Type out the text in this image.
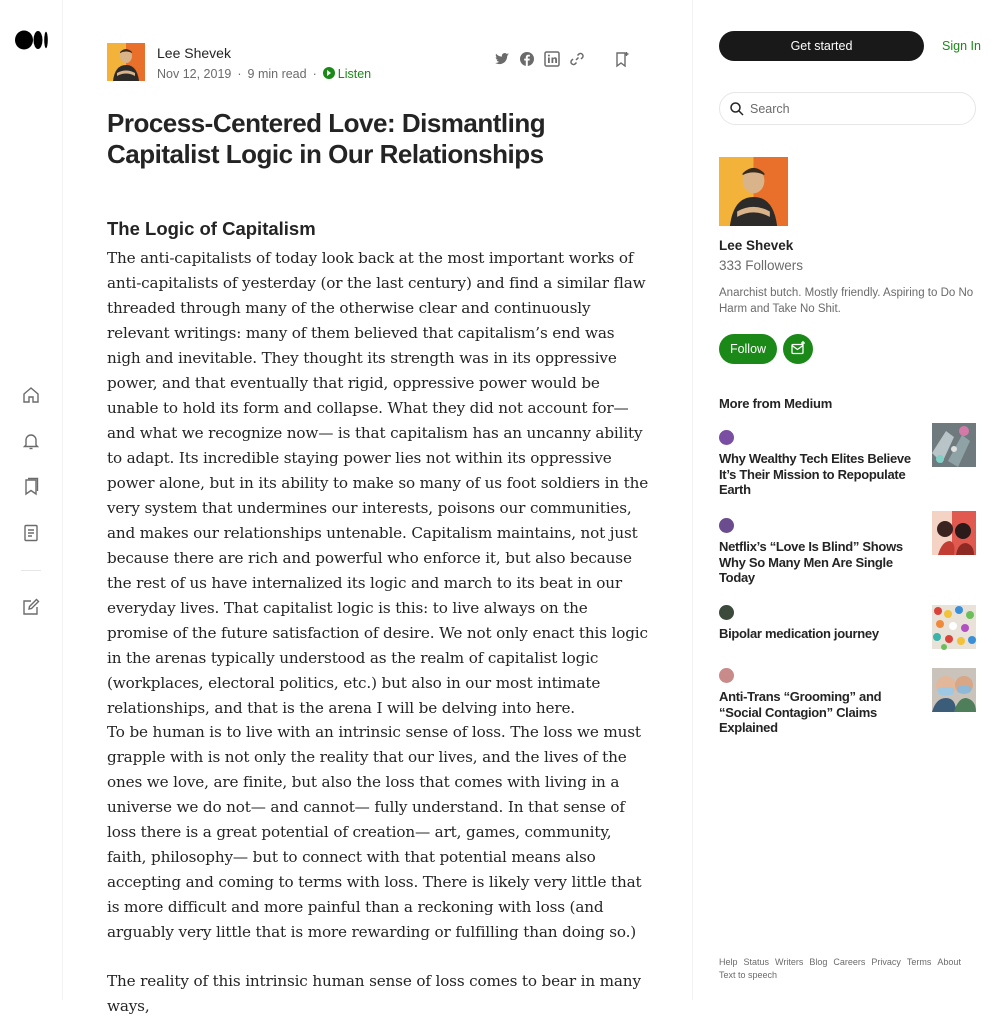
Lee Shevek
Nov 12, 2019 · 9 min read · Listen
Process-Centered Love: Dismantling Capitalist Logic in Our Relationships
The Logic of Capitalism

The anti-capitalists of today look back at the most important works of anti-capitalists of yesterday (or the last century) and find a similar flaw threaded through many of the otherwise clear and continuously relevant writings: many of them believed that capitalism’s end was nigh and inevitable. They thought its strength was in its oppressive power, and that eventually that rigid, oppressive power would be unable to hold its form and collapse. What they did not account for— and what we recognize now— is that capitalism has an uncanny ability to adapt. Its incredible staying power lies not within its oppressive power alone, but in its ability to make so many of us foot soldiers in the very system that undermines our interests, poisons our communities, and makes our relationships untenable. Capitalism maintains, not just because there are rich and powerful who enforce it, but also because the rest of us have internalized its logic and march to its beat in our everyday lives. That capitalist logic is this: to live always on the promise of the future satisfaction of desire. We not only enact this logic in the arenas typically understood as the realm of capitalist logic (workplaces, electoral politics, etc.) but also in our most intimate relationships, and that is the arena I will be delving into here.

To be human is to live with an intrinsic sense of loss. The loss we must grapple with is not only the reality that our lives, and the lives of the ones we love, are finite, but also the loss that comes with living in a universe we do not— and cannot— fully understand. In that sense of loss there is a great potential of creation— art, games, community, faith, philosophy— but to connect with that potential means also accepting and coming to terms with loss. There is likely very little that is more difficult and more painful than a reckoning with loss (and arguably very little that is more rewarding or fulfilling than doing so.)

The reality of this intrinsic human sense of loss comes to bear in many ways,

Get started	Sign In
Search
Lee Shevek
333 Followers
Anarchist butch. Mostly friendly. Aspiring to Do No Harm and Take No Shit.
Follow
More from Medium
Why Wealthy Tech Elites Believe It’s Their Mission to Repopulate Earth
Netflix’s “Love Is Blind” Shows Why So Many Men Are Single Today
Bipolar medication journey
Anti-Trans “Grooming” and “Social Contagion” Claims Explained
Help Status Writers Blog Careers Privacy Terms About
Text to speech
